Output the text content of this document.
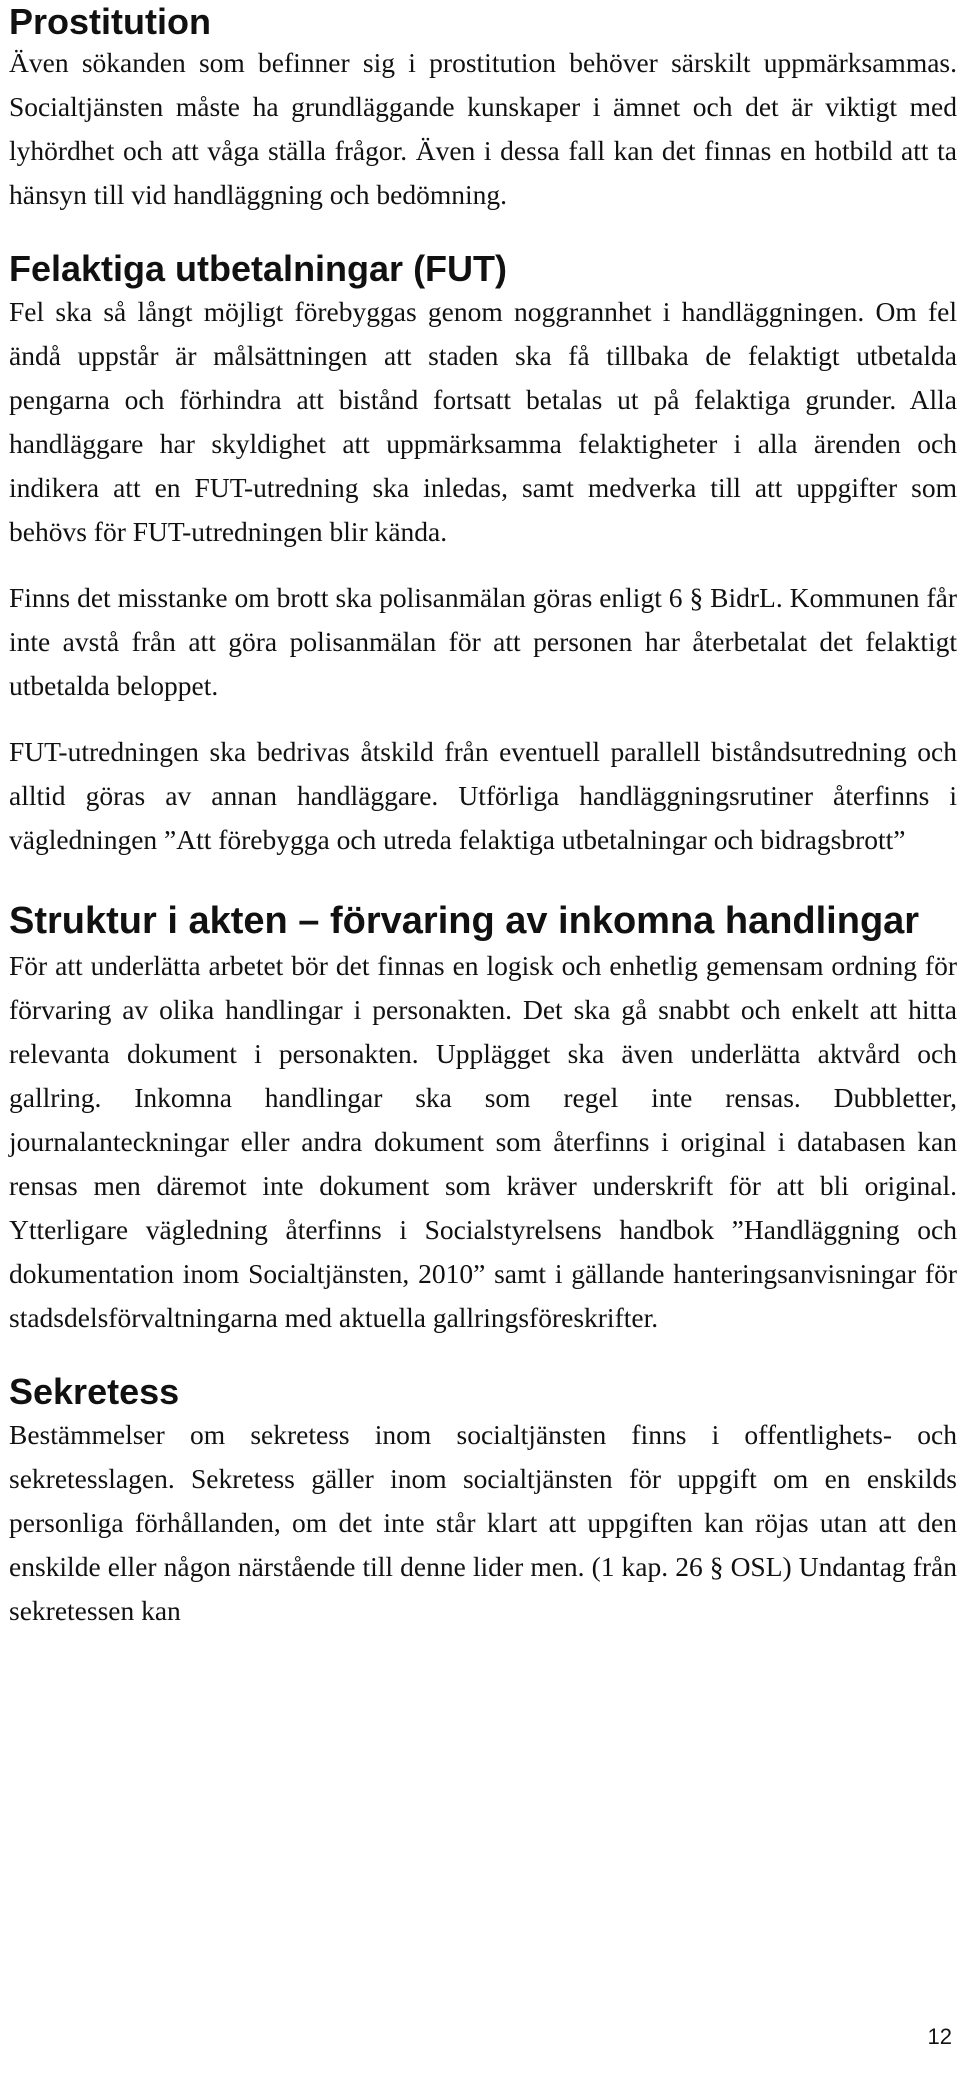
Prostitution

Även sökanden som befinner sig i prostitution behöver särskilt uppmärksammas. Socialtjänsten måste ha grundläggande kunskaper i ämnet och det är viktigt med lyhördhet och att våga ställa frågor. Även i dessa fall kan det finnas en hotbild att ta hänsyn till vid handläggning och bedömning.

Felaktiga utbetalningar (FUT)

Fel ska så långt möjligt förebyggas genom noggrannhet i handläggningen. Om fel ändå uppstår är målsättningen att staden ska få tillbaka de felaktigt utbetalda pengarna och förhindra att bistånd fortsatt betalas ut på felaktiga grunder. Alla handläggare har skyldighet att uppmärksamma felaktigheter i alla ärenden och indikera att en FUT-utredning ska inledas, samt medverka till att uppgifter som behövs för FUT-utredningen blir kända.

Finns det misstanke om brott ska polisanmälan göras enligt 6 § BidrL. Kommunen får inte avstå från att göra polisanmälan för att personen har återbetalat det felaktigt utbetalda beloppet.

FUT-utredningen ska bedrivas åtskild från eventuell parallell biståndsutredning och alltid göras av annan handläggare. Utförliga handläggningsrutiner återfinns i vägledningen ”Att förebygga och utreda felaktiga utbetalningar och bidragsbrott”

Struktur i akten – förvaring av inkomna handlingar

För att underlätta arbetet bör det finnas en logisk och enhetlig gemensam ordning för förvaring av olika handlingar i personakten. Det ska gå snabbt och enkelt att hitta relevanta dokument i personakten. Upplägget ska även underlätta aktvård och gallring. Inkomna handlingar ska som regel inte rensas. Dubbletter, journalanteckningar eller andra dokument som återfinns i original i databasen kan rensas men däremot inte dokument som kräver underskrift för att bli original. Ytterligare vägledning återfinns i Socialstyrelsens handbok ”Handläggning och dokumentation inom Socialtjänsten, 2010” samt i gällande hanteringsanvisningar för stadsdelsförvaltningarna med aktuella gallringsföreskrifter.

Sekretess

Bestämmelser om sekretess inom socialtjänsten finns i offentlighets- och sekretesslagen. Sekretess gäller inom socialtjänsten för uppgift om en enskilds personliga förhållanden, om det inte står klart att uppgiften kan röjas utan att den enskilde eller någon närstående till denne lider men. (1 kap. 26 § OSL) Undantag från sekretessen kan

12
